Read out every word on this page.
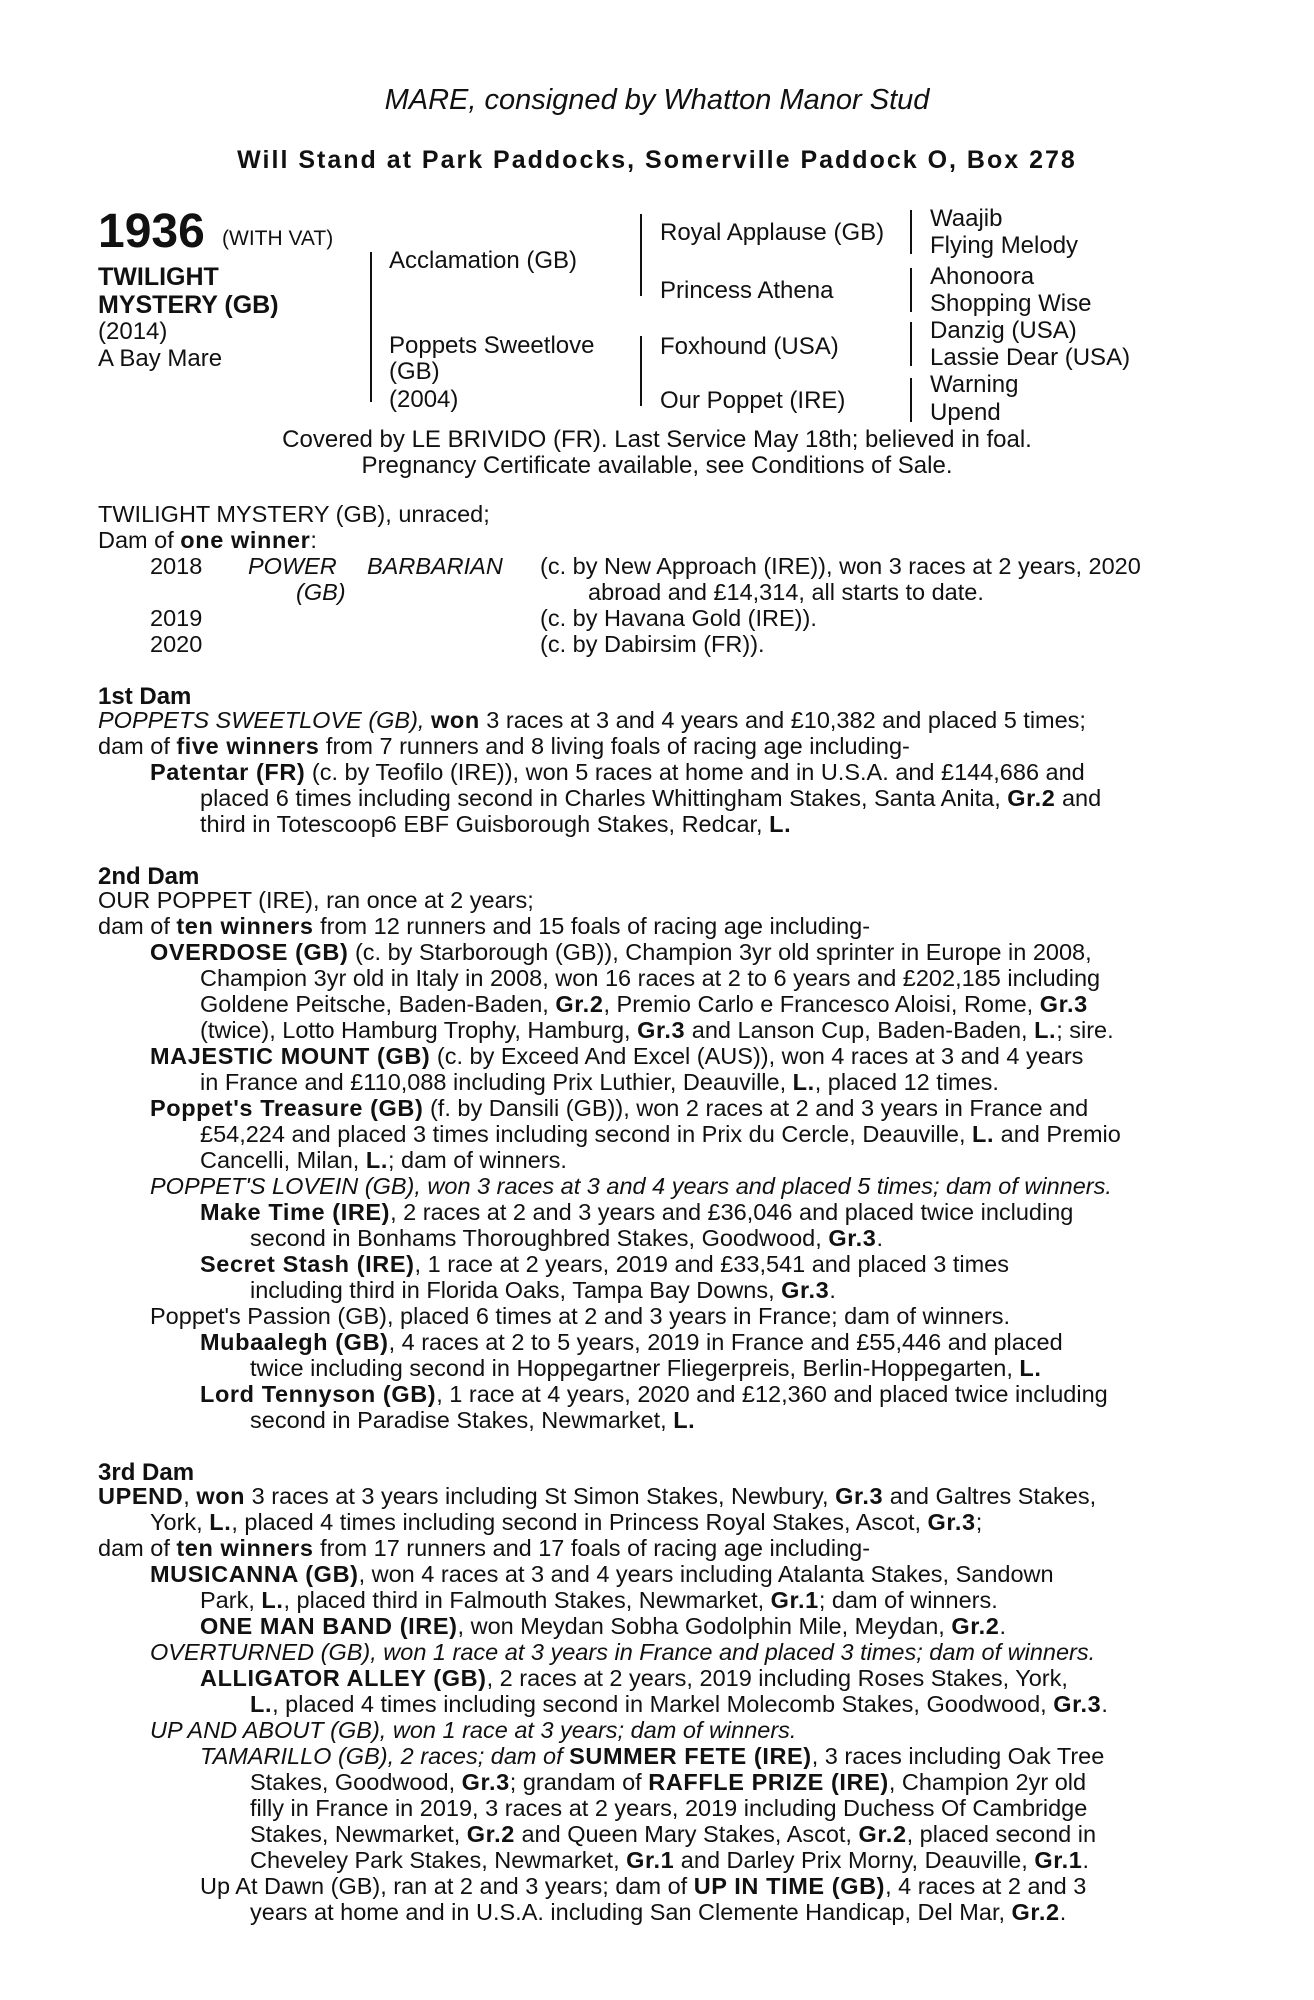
MARE, consigned by Whatton Manor Stud
Will Stand at Park Paddocks, Somerville Paddock O, Box 278
1936 (WITH VAT)
TWILIGHT
MYSTERY (GB)
(2014)
A Bay Mare
Acclamation (GB)
Poppets Sweetlove
(GB)
(2004)
Royal Applause (GB)
Princess Athena
Foxhound (USA)
Our Poppet (IRE)
Waajib
Flying Melody
Ahonoora
Shopping Wise
Danzig (USA)
Lassie Dear (USA)
Warning
Upend
Covered by LE BRIVIDO (FR). Last Service May 18th; believed in foal.
Pregnancy Certificate available, see Conditions of Sale.
TWILIGHT MYSTERY (GB), unraced;
Dam of one winner:
2018 POWER BARBARIAN
(GB)
(c. by New Approach (IRE)), won 3 races at 2 years, 2020
abroad and £14,314, all starts to date.
2019	(c. by Havana Gold (IRE)).
2020	(c. by Dabirsim (FR)).
1st Dam
POPPETS SWEETLOVE (GB), won 3 races at 3 and 4 years and £10,382 and placed 5 times;
dam of five winners from 7 runners and 8 living foals of racing age including-
Patentar (FR) (c. by Teofilo (IRE)), won 5 races at home and in U.S.A. and £144,686 and
placed 6 times including second in Charles Whittingham Stakes, Santa Anita, Gr.2 and
third in Totescoop6 EBF Guisborough Stakes, Redcar, L.
2nd Dam
OUR POPPET (IRE), ran once at 2 years;
dam of ten winners from 12 runners and 15 foals of racing age including-
OVERDOSE (GB) (c. by Starborough (GB)), Champion 3yr old sprinter in Europe in 2008,
Champion 3yr old in Italy in 2008, won 16 races at 2 to 6 years and £202,185 including
Goldene Peitsche, Baden-Baden, Gr.2, Premio Carlo e Francesco Aloisi, Rome, Gr.3
(twice), Lotto Hamburg Trophy, Hamburg, Gr.3 and Lanson Cup, Baden-Baden, L.; sire.
MAJESTIC MOUNT (GB) (c. by Exceed And Excel (AUS)), won 4 races at 3 and 4 years
in France and £110,088 including Prix Luthier, Deauville, L., placed 12 times.
Poppet's Treasure (GB) (f. by Dansili (GB)), won 2 races at 2 and 3 years in France and
£54,224 and placed 3 times including second in Prix du Cercle, Deauville, L. and Premio
Cancelli, Milan, L.; dam of winners.
POPPET'S LOVEIN (GB), won 3 races at 3 and 4 years and placed 5 times; dam of winners.
Make Time (IRE), 2 races at 2 and 3 years and £36,046 and placed twice including
second in Bonhams Thoroughbred Stakes, Goodwood, Gr.3.
Secret Stash (IRE), 1 race at 2 years, 2019 and £33,541 and placed 3 times
including third in Florida Oaks, Tampa Bay Downs, Gr.3.
Poppet's Passion (GB), placed 6 times at 2 and 3 years in France; dam of winners.
Mubaalegh (GB), 4 races at 2 to 5 years, 2019 in France and £55,446 and placed
twice including second in Hoppegartner Fliegerpreis, Berlin-Hoppegarten, L.
Lord Tennyson (GB), 1 race at 4 years, 2020 and £12,360 and placed twice including
second in Paradise Stakes, Newmarket, L.
3rd Dam
UPEND, won 3 races at 3 years including St Simon Stakes, Newbury, Gr.3 and Galtres Stakes,
York, L., placed 4 times including second in Princess Royal Stakes, Ascot, Gr.3;
dam of ten winners from 17 runners and 17 foals of racing age including-
MUSICANNA (GB), won 4 races at 3 and 4 years including Atalanta Stakes, Sandown
Park, L., placed third in Falmouth Stakes, Newmarket, Gr.1; dam of winners.
ONE MAN BAND (IRE), won Meydan Sobha Godolphin Mile, Meydan, Gr.2.
OVERTURNED (GB), won 1 race at 3 years in France and placed 3 times; dam of winners.
ALLIGATOR ALLEY (GB), 2 races at 2 years, 2019 including Roses Stakes, York,
L., placed 4 times including second in Markel Molecomb Stakes, Goodwood, Gr.3.
UP AND ABOUT (GB), won 1 race at 3 years; dam of winners.
TAMARILLO (GB), 2 races; dam of SUMMER FETE (IRE), 3 races including Oak Tree
Stakes, Goodwood, Gr.3; grandam of RAFFLE PRIZE (IRE), Champion 2yr old
filly in France in 2019, 3 races at 2 years, 2019 including Duchess Of Cambridge
Stakes, Newmarket, Gr.2 and Queen Mary Stakes, Ascot, Gr.2, placed second in
Cheveley Park Stakes, Newmarket, Gr.1 and Darley Prix Morny, Deauville, Gr.1.
Up At Dawn (GB), ran at 2 and 3 years; dam of UP IN TIME (GB), 4 races at 2 and 3
years at home and in U.S.A. including San Clemente Handicap, Del Mar, Gr.2.
